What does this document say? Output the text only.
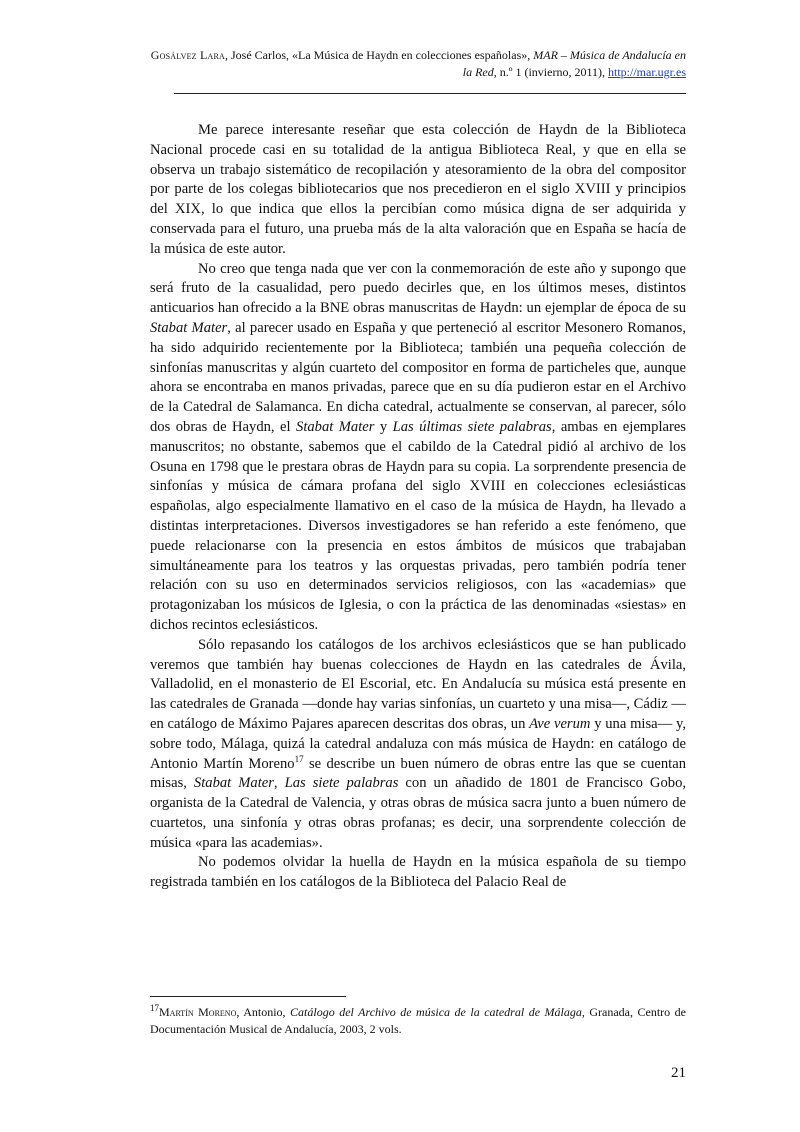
Gosálvez Lara, José Carlos, «La Música de Haydn en colecciones españolas», MAR – Música de Andalucía en la Red, n.º 1 (invierno, 2011), http://mar.ugr.es

Me parece interesante reseñar que esta colección de Haydn de la Biblioteca Nacional procede casi en su totalidad de la antigua Biblioteca Real, y que en ella se observa un trabajo sistemático de recopilación y atesoramiento de la obra del compositor por parte de los colegas bibliotecarios que nos precedieron en el siglo XVIII y principios del XIX, lo que indica que ellos la percibían como música digna de ser adquirida y conservada para el futuro, una prueba más de la alta valoración que en España se hacía de la música de este autor.

No creo que tenga nada que ver con la conmemoración de este año y supongo que será fruto de la casualidad, pero puedo decirles que, en los últimos meses, distintos anticuarios han ofrecido a la BNE obras manuscritas de Haydn: un ejemplar de época de su Stabat Mater, al parecer usado en España y que perteneció al escritor Mesonero Romanos, ha sido adquirido recientemente por la Biblioteca; también una pequeña colección de sinfonías manuscritas y algún cuarteto del compositor en forma de particheles que, aunque ahora se encontraba en manos privadas, parece que en su día pudieron estar en el Archivo de la Catedral de Salamanca. En dicha catedral, actualmente se conservan, al parecer, sólo dos obras de Haydn, el Stabat Mater y Las últimas siete palabras, ambas en ejemplares manuscritos; no obstante, sabemos que el cabildo de la Catedral pidió al archivo de los Osuna en 1798 que le prestara obras de Haydn para su copia. La sorprendente presencia de sinfonías y música de cámara profana del siglo XVIII en colecciones eclesiásticas españolas, algo especialmente llamativo en el caso de la música de Haydn, ha llevado a distintas interpretaciones. Diversos investigadores se han referido a este fenómeno, que puede relacionarse con la presencia en estos ámbitos de músicos que trabajaban simultáneamente para los teatros y las orquestas privadas, pero también podría tener relación con su uso en determinados servicios religiosos, con las «academias» que protagonizaban los músicos de Iglesia, o con la práctica de las denominadas «siestas» en dichos recintos eclesiásticos.

Sólo repasando los catálogos de los archivos eclesiásticos que se han publicado veremos que también hay buenas colecciones de Haydn en las catedrales de Ávila, Valladolid, en el monasterio de El Escorial, etc. En Andalucía su música está presente en las catedrales de Granada —donde hay varias sinfonías, un cuarteto y una misa—, Cádiz —en catálogo de Máximo Pajares aparecen descritas dos obras, un Ave verum y una misa— y, sobre todo, Málaga, quizá la catedral andaluza con más música de Haydn: en catálogo de Antonio Martín Moreno$^{17}$ se describe un buen número de obras entre las que se cuentan misas, Stabat Mater, Las siete palabras con un añadido de 1801 de Francisco Gobo, organista de la Catedral de Valencia, y otras obras de música sacra junto a buen número de cuartetos, una sinfonía y otras obras profanas; es decir, una sorprendente colección de música «para las academias».

No podemos olvidar la huella de Haydn en la música española de su tiempo registrada también en los catálogos de la Biblioteca del Palacio Real de

$^{17}$Martín Moreno, Antonio, Catálogo del Archivo de música de la catedral de Málaga, Granada, Centro de Documentación Musical de Andalucía, 2003, 2 vols.
21
